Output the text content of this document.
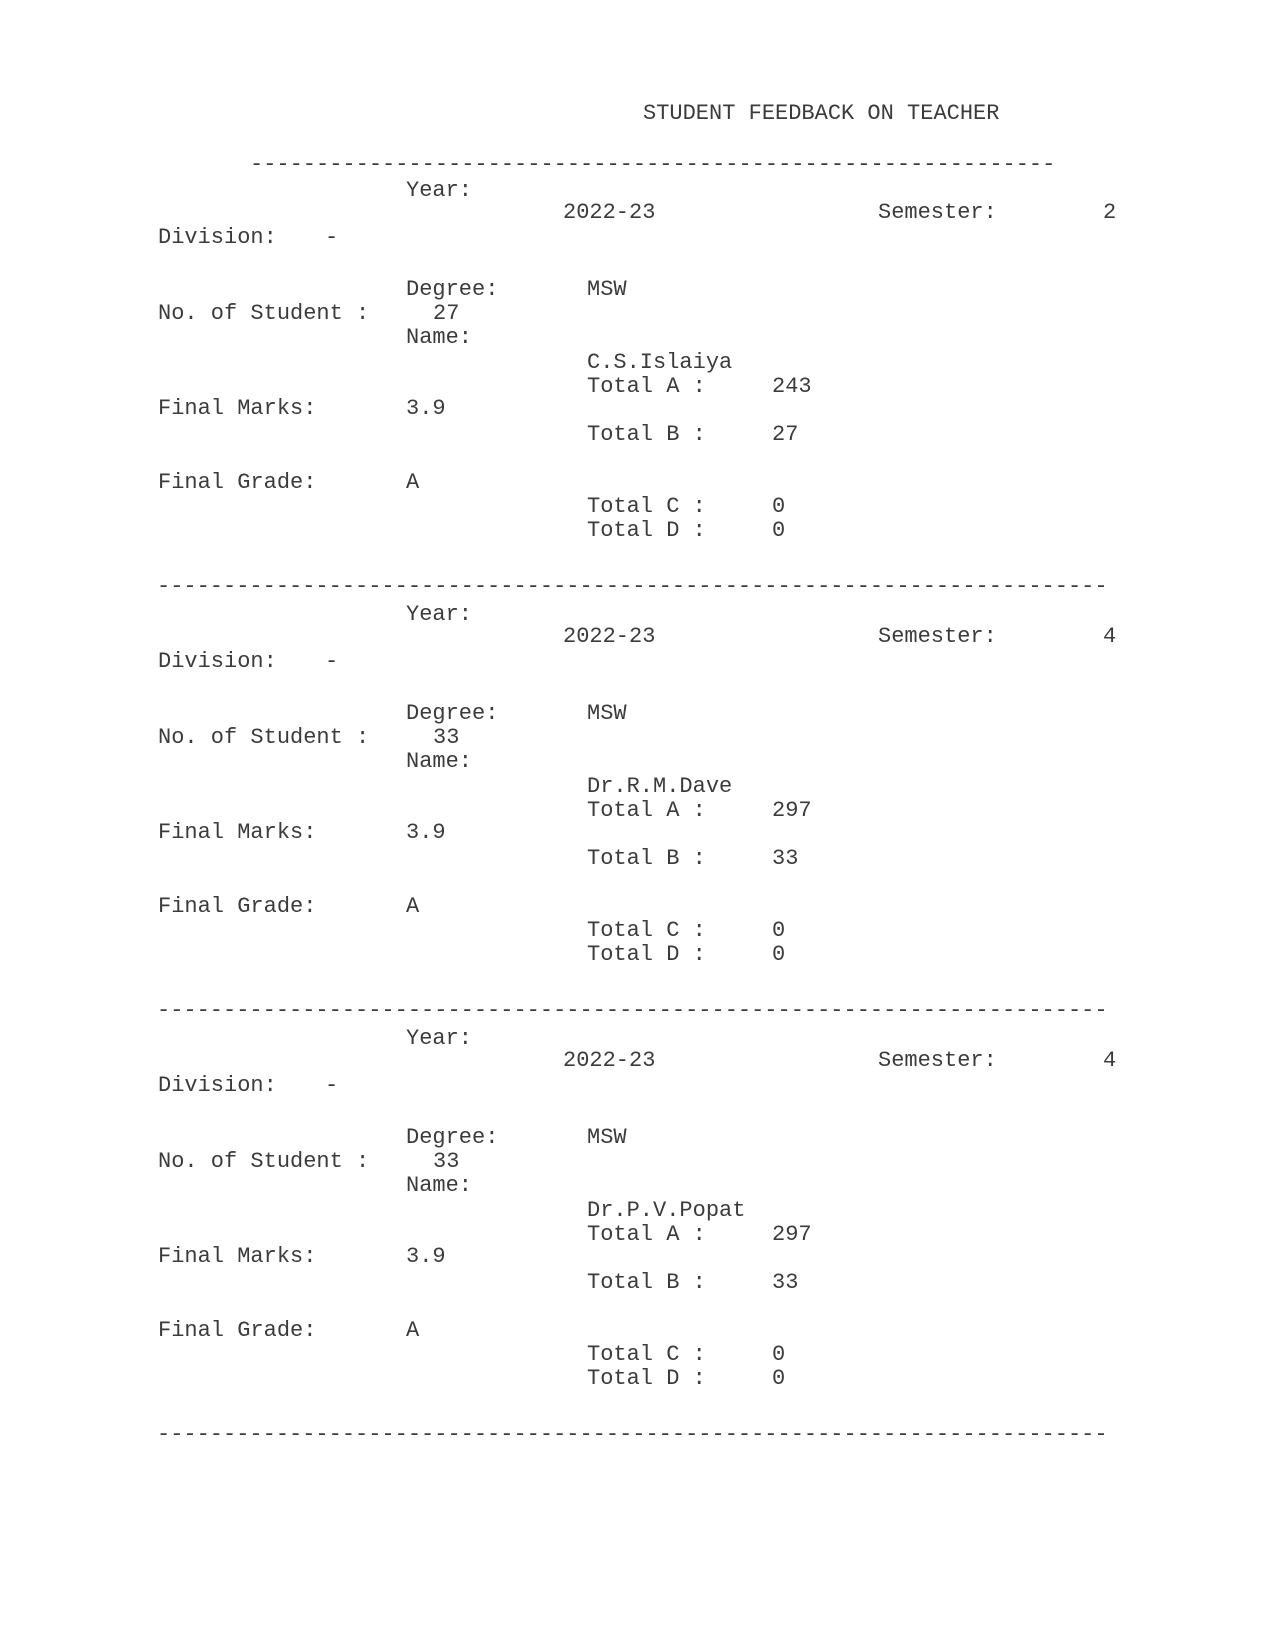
STUDENT FEEDBACK ON TEACHER
-------------------------------------------------------------
Year:
2022-23	Semester:	2
Division: -
Degree:	MSW
No. of Student :	27
Name:
C.S.Islaiya
Total A :	243
Final Marks:	3.9
Total B :	27
Final Grade:	A
Total C :	0
Total D :	0
------------------------------------------------------------------------
Year:
2022-23	Semester:	4
Division: -
Degree:	MSW
No. of Student :	33
Name:
Dr.R.M.Dave
Total A :	297
Final Marks:	3.9
Total B :	33
Final Grade:	A
Total C :	0
Total D :	0
------------------------------------------------------------------------
Year:
2022-23	Semester:	4
Division: -
Degree:	MSW
No. of Student :	33
Name:
Dr.P.V.Popat
Total A :	297
Final Marks:	3.9
Total B :	33
Final Grade:	A
Total C :	0
Total D :	0
------------------------------------------------------------------------
